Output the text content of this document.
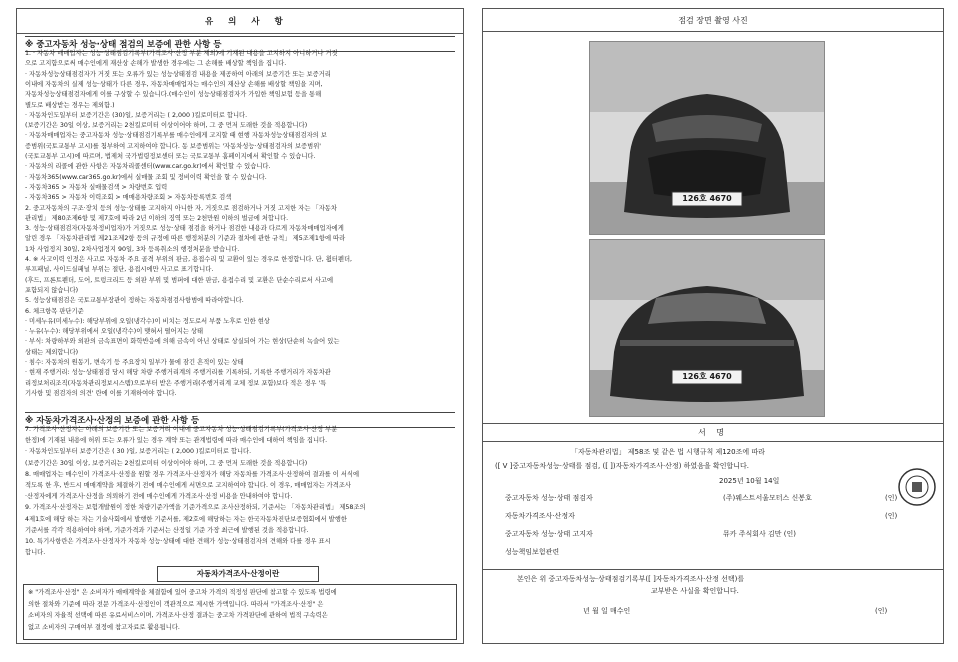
유 의 사 항
※ 중고자동차 성능·상태 점검의 보증에 관한 사항 등
1. · 자동차 매매업자는 성능·상태점검기록부(가격조사·산정 부분 제외)에 기재된 내용을 고지하지 아니하거나 거짓
으로 고지함으로써 매수인에게 재산상 손해가 발생한 경우에는 그 손해를 배상할 책임을 집니다.
· 자동차성능상태점검자가 거짓 또는 오류가 있는 성능상태점검 내용을 제공하여 아래의 보증기간 또는 보증거리
이내에 자동차의 실제 성능·상태가 다른 경우, 자동차매매업자는 매수인의 재산상 손해를 배상할 책임을 지며,
자동차성능상태점검자에게 이를 구상할 수 있습니다.(매수인이 성능상태점검자가 가입한 책임보험 등을 통해
별도로 배상받는 경우는 제외함.)
· 자동차인도일부터 보증기간은 (30)일, 보증거리는 ( 2,000 )킬로미터로 합니다.
(보증기간은 30일 이상, 보증거리는 2천킬로미터 이상이어야 하며, 그 중 먼저 도래한 것을 적용합니다)
· 자동차매매업자는 중고자동차 성능·상태점검기록부를 매수인에게 고지할 때 현행 자동차성능상태점검자의 보
증범위(국토교통부 고시)를 첨부하여 고지하여야 합니다. 동 보증범위는 '자동차성능·상태점검자의 보증범위'
(국토교통부 고시)에 따르며, 법제처 국가법령정보센터 또는 국토교통부 홈페이지에서 확인할 수 있습니다.
· 자동차의 리콜에 관한 사항은 자동차리콜센터(www.car.go.kr)에서 확인할 수 있습니다.
· 자동차365(www.car365.go.kr)에서 실매물 조회 및 정비이력 확인을 할 수 있습니다.
- 자동차365 > 자동차 실매물검색 > 차량번호 입력
- 자동차365 > 자동차 이력조회 > 매매용차량조회 > 자동차등록번호 검색
2. 중고자동차의 구조·장치 등의 성능·상태를 고지하지 아니한 자, 거짓으로 점검하거나 거짓 고지한 자는 「자동차
관리법」 제80조제6항 및 제7호에 따라 2년 이하의 징역 또는 2천만원 이하의 벌금에 처합니다.
3. 성능·상태점검자(자동차정비업자)가 거짓으로 성능·상태 점검을 하거나 점검한 내용과 다르게 자동차매매업자에게
알린 경우 「자동차관리법 제21조제2항 등의 규정에 따른 행정처분의 기준과 절차에 관한 규칙」 제5조제1항에 따라
1차 사업정지 30일, 2차사업정지 90일, 3차 등록취소의 행정처분을 받습니다.
4. ※ 사고이력 인정은 사고로 자동차 주요 골격 부위의 판금, 용접수리 및 교환이 있는 경우로 한정합니다. 단, 휠터펜더,
루프패널, 사이드실패널 부위는 절단, 용접시에만 사고로 표기합니다.
(후드, 프론트펜더, 도어, 트렁크리드 등 외판 부위 및 범퍼에 대한 판금, 용접수리 및 교환은 단순수리로서 사고에
포함되지 않습니다)
5. 성능상태점검은 국토교통부장관이 정하는 자동차점검사항범에 따라야합니다.
6. 체크항목 판단기준
· 미세누유(미세누수): 해당부위에 오일(냉각수)이 비치는 정도로서 부품 노후로 인한 현상
· 누유(누수): 해당부위에서 오일(냉각수)이 맺혀서 떨어지는 상태
· 부식: 차량하부와 외판의 금속표면이 화학반응에 의해 금속이 아닌 상태로 상실되어 가는 현상(단순히 녹슬어 있는
상태는 제외합니다)
· 침수: 자동차의 원동기, 변속기 등 주요장치 일부가 물에 잠긴 흔적이 있는 상태
· 현재 주행거리: 성능·상태점검 당시 해당 차량 주행거리계의 주행거리를 기록하되, 기록한 주행거리가 자동차관
리정보처리조직(자동차관리정보시스템)으로부터 받은 주행거리(주행거리계 교체 정보 포함)보다 적은 경우 '특
기사항 및 점검자의 의견' 란에 이를 기재하여야 합니다.
※ 자동차가격조사·산정의 보증에 관한 사항 등
7. 가격조사·산정자는 아래의 보증기간 또는 보증거리 이내에 중고자동차 성능·상태점검기록부(가격조사·산정 부분
한정)에 기재된 내용에 허위 또는 오류가 있는 경우 계약 또는 관계법령에 따라 매수인에 대하여 책임을 집니다.
· 자동차인도일부터 보증기간은 ( 30 )일, 보증거리는 ( 2,000 )킬로미터로 합니다.
(보증기간은 30일 이상, 보증거리는 2천킬로미터 이상이어야 하며, 그 중 먼저 도래한 것을 적용합니다)
8. 매매업자는 매수인이 가격조사·산정을 원할 경우 가격조사·산정자가 해당 자동차를 가격조사·산정하여 결과를 이 서식에
적도록 한 후, 반드시 매매계약을 체결하기 전에 매수인에게 서면으로 고지하여야 합니다. 이 경우, 매매업자는 가격조사
·산정자에게 가격조사·산정을 의뢰하기 전에 매수인에게 가격조사·산정 비용을 안내하여야 합니다.
9. 가격조사·산정자는 보험개발원이 정한 차량기준가액을 기준가격으로 조사산정하되, 기준서는 「자동차관리법」 제58조의
4제1호에 해당 하는 자는 기술사회에서 발행한 기준서를, 제2호에 해당하는 자는 한국자동차진단보증협회에서 발행한
기준서를 각각 적용하여야 하며, 기준가격과 기준서는 산정일 기준 가장 최근에 발행된 것을 적용합니다.
10. 특기사항란은 가격조사·산정자가 자동차 성능·상태에 대한 견해가 성능·상태점검자의 견해와 다를 경우 표시
합니다.
자동차가격조사·산정이란
※ "가격조사·산정" 은 소비자가 매매계약을 체결함에 있어 중고차 가격의 적정성 판단에 참고할 수 있도록 법령에
의한 절차와 기준에 따라 전문 가격조사·산정인이 객관적으로 제시한 가액입니다. 따라서 "가격조사·산정" 은
소비자의 자율적 선택에 따른 유료서비스이며, 가격조사·산정 결과는 중고차 가격판단에 관하여 법적 구속력은
없고 소비자의 구매여부 결정에 참고자료로 활용됩니다.
점검 장면 촬영 사진
126호 4670
126호 4670
서 명
「자동차관리법」 제58조 및 같은 법 시행규칙 제120조에 따라
([ V ]중고자동차성능·상태를 점검, ([ ])자동차가격조사·산정) 하였음을 확인합니다.
2025년 10월 14일
중고자동차 성능·상태 점검자	(주)웨스트서울모터스 신봉호	(인)
자동차가격조사·산정자	(인)
중고자동차 성능·상태 고지자	뮤카 주식회사 김만 (인)
성능책임보험관련
본인은 위 중고자동차성능·상태점검기록부([ ]자동차가격조사·산정 선택)를
교부받은 사실을 확인합니다.
년 월 일 매수인	(인)
